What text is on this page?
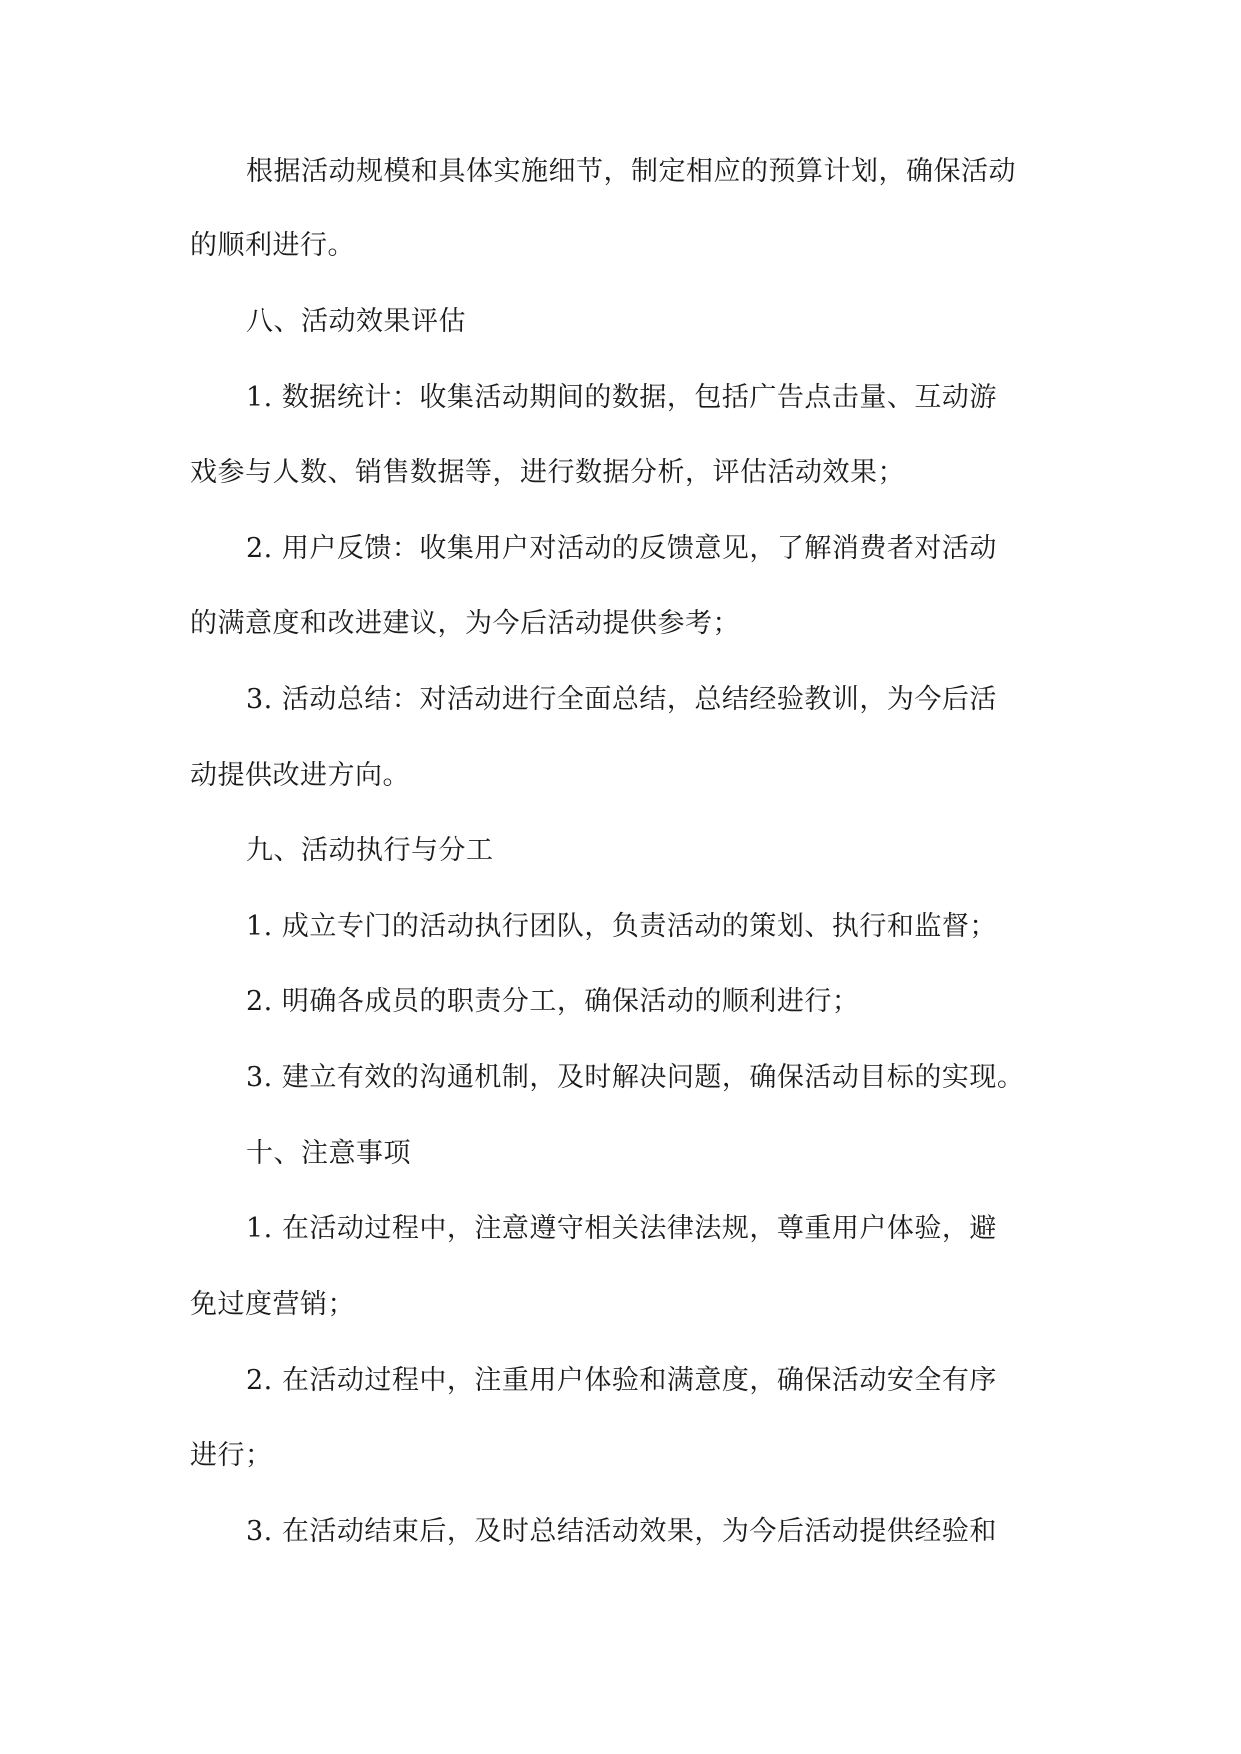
根据活动规模和具体实施细节，制定相应的预算计划，确保活动
的顺利进行。
八、活动效果评估
1. 数据统计：收集活动期间的数据，包括广告点击量、互动游
戏参与人数、销售数据等，进行数据分析，评估活动效果；
2. 用户反馈：收集用户对活动的反馈意见，了解消费者对活动
的满意度和改进建议，为今后活动提供参考；
3. 活动总结：对活动进行全面总结，总结经验教训，为今后活
动提供改进方向。
九、活动执行与分工
1. 成立专门的活动执行团队，负责活动的策划、执行和监督；
2. 明确各成员的职责分工，确保活动的顺利进行；
3. 建立有效的沟通机制，及时解决问题，确保活动目标的实现。
十、注意事项
1. 在活动过程中，注意遵守相关法律法规，尊重用户体验，避
免过度营销；
2. 在活动过程中，注重用户体验和满意度，确保活动安全有序
进行；
3. 在活动结束后，及时总结活动效果，为今后活动提供经验和
